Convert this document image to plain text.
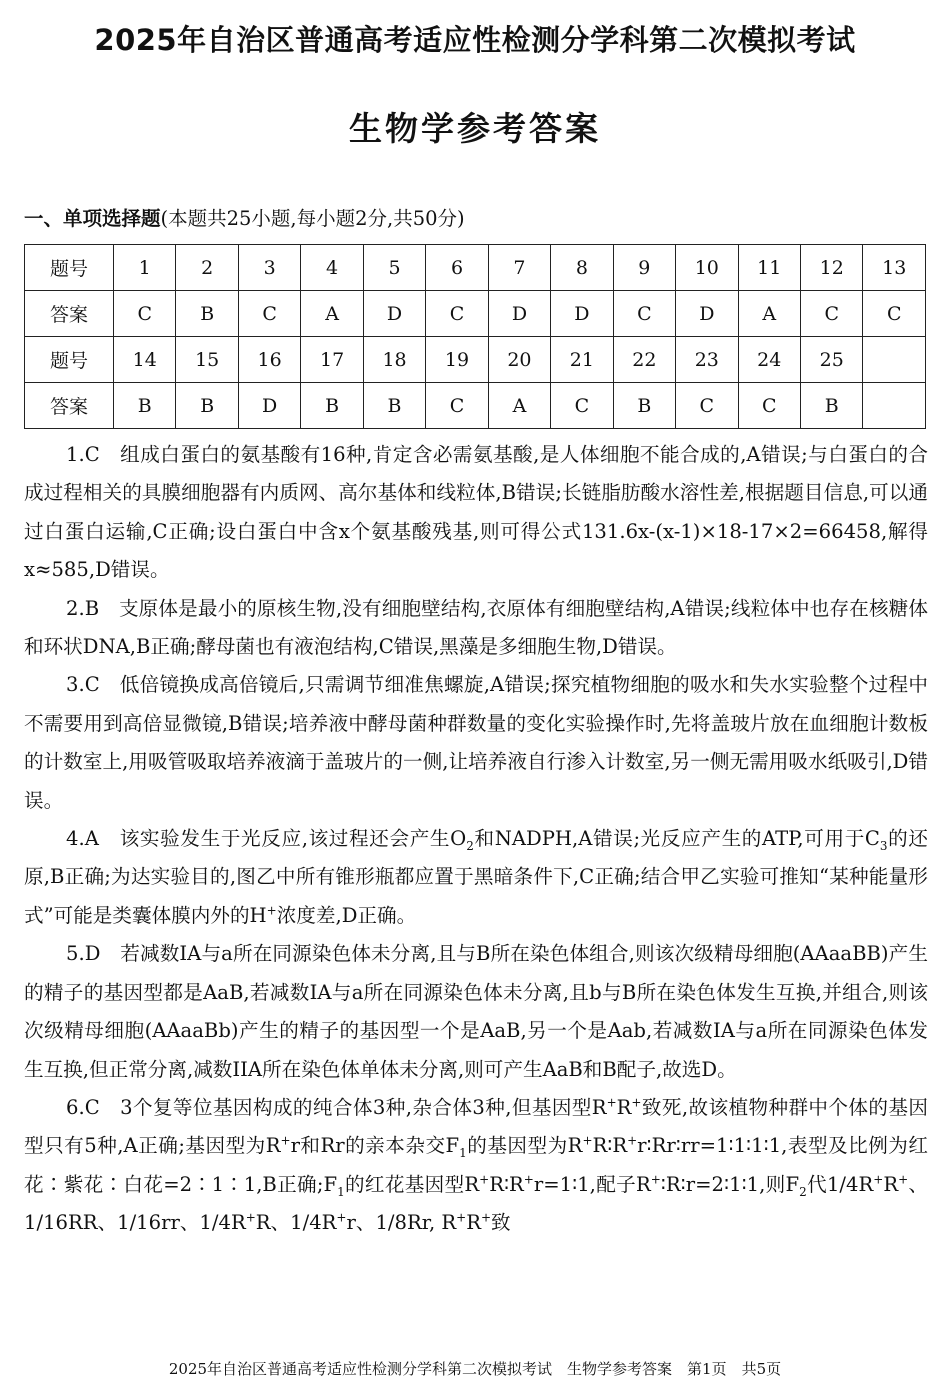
2025年自治区普通高考适应性检测分学科第二次模拟考试
生物学参考答案
一、单项选择题(本题共25小题,每小题2分,共50分)
题号	1	2	3	4	5	6	7	8	9	10	11	12	13
答案	C	B	C	A	D	C	D	D	C	D	A	C	C
题号	14	15	16	17	18	19	20	21	22	23	24	25	
答案	B	B	D	B	B	C	A	C	B	C	C	B	

1.C　组成白蛋白的氨基酸有16种,肯定含必需氨基酸,是人体细胞不能合成的,A错误;与白蛋白的合成过程相关的具膜细胞器有内质网、高尔基体和线粒体,B错误;长链脂肪酸水溶性差,根据题目信息,可以通过白蛋白运输,C正确;设白蛋白中含x个氨基酸残基,则可得公式131.6x-(x-1)×18-17×2=66458,解得x≈585,D错误。

2.B　支原体是最小的原核生物,没有细胞壁结构,衣原体有细胞壁结构,A错误;线粒体中也存在核糖体和环状DNA,B正确;酵母菌也有液泡结构,C错误,黑藻是多细胞生物,D错误。

3.C　低倍镜换成高倍镜后,只需调节细准焦螺旋,A错误;探究植物细胞的吸水和失水实验整个过程中不需要用到高倍显微镜,B错误;培养液中酵母菌种群数量的变化实验操作时,先将盖玻片放在血细胞计数板的计数室上,用吸管吸取培养液滴于盖玻片的一侧,让培养液自行渗入计数室,另一侧无需用吸水纸吸引,D错误。

4.A　该实验发生于光反应,该过程还会产生$O_2$和NADPH,A错误;光反应产生的ATP,可用于$C_3$的还原,B正确;为达实验目的,图乙中所有锥形瓶都应置于黑暗条件下,C正确;结合甲乙实验可推知“某种能量形式”可能是类囊体膜内外的H+浓度差,D正确。

5.D　若减数IA与a所在同源染色体未分离,且与B所在染色体组合,则该次级精母细胞(AAaaBB)产生的精子的基因型都是AaB,若减数IA与a所在同源染色体未分离,且b与B所在染色体发生互换,并组合,则该次级精母细胞(AAaaBb)产生的精子的基因型一个是AaB,另一个是Aab,若减数IA与a所在同源染色体发生互换,但正常分离,减数IIA所在染色体单体未分离,则可产生AaB和B配子,故选D。

6.C　3个复等位基因构成的纯合体3种,杂合体3种,但基因型R+R+致死,故该植物种群中个体的基因型只有5种,A正确;基因型为R+r和Rr的亲本杂交$F_1$的基因型为R+R∶R+r∶Rr∶rr=1∶1∶1∶1,表型及比例为红花∶紫花∶白花=2∶1∶1,B正确$;F_1$的红花基因型R+R∶R+r=1∶1,配子R+∶R∶r=2∶1∶1,则$F_2$代1/4R+R+、1/16RR、1/16rr、1/4R+R、1/4R+r、1/8Rr, R+R+致

2025年自治区普通高考适应性检测分学科第二次模拟考试　生物学参考答案　第1页　共5页
